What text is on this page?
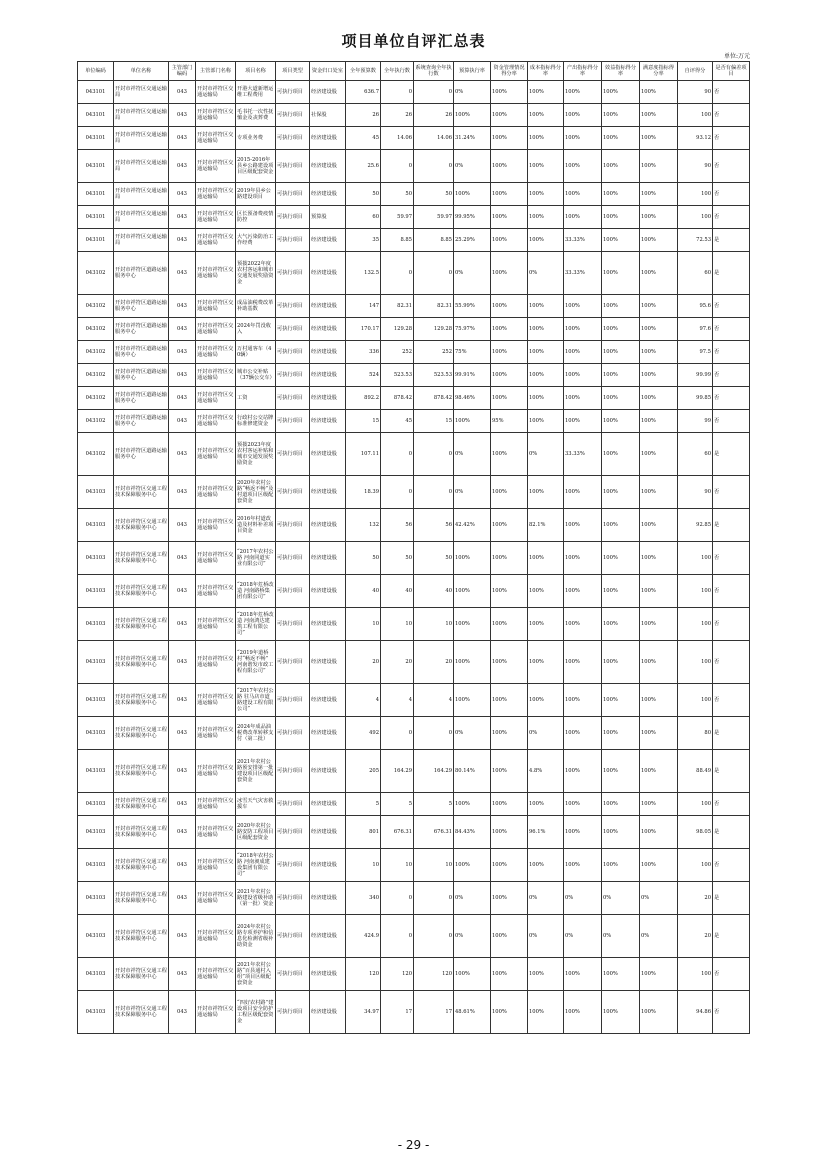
项目单位自评汇总表
单位:万元
单位编码	单位名称	主管部门编码	主管部门名称	项目名称	项目类型	资金归口处室	全年预算数	全年执行数	系统查询全年执行数	预算执行率	资金管理情况得分率	成本指标得分率	产出指标得分率	效益指标得分率	满意度指标得分率	自评得分	是否有偏差项目
043101	开封市祥符区交通运输局	043	开封市祥符区交通运输局	开港大道新增运维工程费用	可执行项目	经济建设股	636.7	0	0	0%	100%	100%	100%	100%	100%	90	否
043101	开封市祥符区交通运输局	043	开封市祥符区交通运输局	毛书托一次性抚恤金及丧葬费	可执行项目	社保股	26	26	26	100%	100%	100%	100%	100%	100%	100	否
043101	开封市祥符区交通运输局	043	开封市祥符区交通运输局	专项业务费	可执行项目	经济建设股	45	14.06	14.06	31.24%	100%	100%	100%	100%	100%	93.12	否
043101	开封市祥符区交通运输局	043	开封市祥符区交通运输局	2015-2016年县乡公路建设项目区级配套资金	可执行项目	经济建设股	25.6	0	0	0%	100%	100%	100%	100%	100%	90	否
043101	开封市祥符区交通运输局	043	开封市祥符区交通运输局	2019年县乡公路建设项目	可执行项目	经济建设股	50	50	50	100%	100%	100%	100%	100%	100%	100	否
043101	开封市祥符区交通运输局	043	开封市祥符区交通运输局	区长预备费疫情防控	可执行项目	预算股	60	59.97	59.97	99.95%	100%	100%	100%	100%	100%	100	否
043101	开封市祥符区交通运输局	043	开封市祥符区交通运输局	大气污染防治工作经费	可执行项目	经济建设股	35	8.85	8.85	25.29%	100%	100%	33.33%	100%	100%	72.53	是
043102	开封市祥符区道路运输服务中心	043	开封市祥符区交通运输局	预拨2022年度农村客运和城市交通发展奖励资金	可执行项目	经济建设股	132.5	0	0	0%	100%	0%	33.33%	100%	100%	60	是
043102	开封市祥符区道路运输服务中心	043	开封市祥符区交通运输局	成品油税费改革补助基数	可执行项目	经济建设股	147	82.31	82.31	55.99%	100%	100%	100%	100%	100%	95.6	否
043102	开封市祥符区道路运输服务中心	043	开封市祥符区交通运输局	2024年罚没收入	可执行项目	经济建设股	170.17	129.28	129.28	75.97%	100%	100%	100%	100%	100%	97.6	否
043102	开封市祥符区道路运输服务中心	043	开封市祥符区交通运输局	万村通客车（40辆）	可执行项目	经济建设股	336	252	252	75%	100%	100%	100%	100%	100%	97.5	否
043102	开封市祥符区道路运输服务中心	043	开封市祥符区交通运输局	城市公交补贴（37辆公交车）	可执行项目	经济建设股	524	523.53	523.53	99.91%	100%	100%	100%	100%	100%	99.99	否
043102	开封市祥符区道路运输服务中心	043	开封市祥符区交通运输局	工资	可执行项目	经济建设股	892.2	878.42	878.42	98.46%	100%	100%	100%	100%	100%	99.85	否
043102	开封市祥符区道路运输服务中心	043	开封市祥符区交通运输局	行政村公交站牌标准修建资金	可执行项目	经济建设股	15	45	15	100%	95%	100%	100%	100%	100%	99	否
043102	开封市祥符区道路运输服务中心	043	开封市祥符区交通运输局	预拨2023年度农村客运补贴和城市交通发展奖励资金	可执行项目	经济建设股	107.11	0	0	0%	100%	0%	33.33%	100%	100%	60	是
043103	开封市祥符区交通工程技术保障服务中心	043	开封市祥符区交通运输局	2020年农村公路“畅返不畅”及村道项目区级配套资金	可执行项目	经济建设股	18.39	0	0	0%	100%	100%	100%	100%	100%	90	否
043103	开封市祥符区交通工程技术保障服务中心	043	开封市祥符区交通运输局	2016年村道改造及材料补差项目资金	可执行项目	经济建设股	132	56	56	42.42%	100%	82.1%	100%	100%	100%	92.85	是
043103	开封市祥符区交通工程技术保障服务中心	043	开封市祥符区交通运输局	“2017年农村公路 河南同道实业有限公司”	可执行项目	经济建设股	50	50	50	100%	100%	100%	100%	100%	100%	100	否
043103	开封市祥符区交通工程技术保障服务中心	043	开封市祥符区交通运输局	“2018年危桥改造 河南路桥集团有限公司”	可执行项目	经济建设股	40	40	40	100%	100%	100%	100%	100%	100%	100	否
043103	开封市祥符区交通工程技术保障服务中心	043	开封市祥符区交通运输局	“2018年危桥改造 河南鸿达建筑工程有限公司”	可执行项目	经济建设股	10	10	10	100%	100%	100%	100%	100%	100%	100	否
043103	开封市祥符区交通工程技术保障服务中心	043	开封市祥符区交通运输局	“2019年道桥村“畅返不畅” 河南谐发市政工程有限公司”	可执行项目	经济建设股	20	20	20	100%	100%	100%	100%	100%	100%	100	否
043103	开封市祥符区交通工程技术保障服务中心	043	开封市祥符区交通运输局	“2017年农村公路 驻马店市道路建设工程有限公司”	可执行项目	经济建设股	4	4	4	100%	100%	100%	100%	100%	100%	100	否
043103	开封市祥符区交通工程技术保障服务中心	043	开封市祥符区交通运输局	2024年成品油税费改革转移支付（第二批）	可执行项目	经济建设股	492	0	0	0%	100%	0%	100%	100%	100%	80	是
043103	开封市祥符区交通工程技术保障服务中心	043	开封市祥符区交通运输局	2021年农村公路预安排第一批建设项目区级配套资金	可执行项目	经济建设股	205	164.29	164.29	80.14%	100%	4.8%	100%	100%	100%	88.49	是
043103	开封市祥符区交通工程技术保障服务中心	043	开封市祥符区交通运输局	冰雪天气灾害救援车	可执行项目	经济建设股	5	5	5	100%	100%	100%	100%	100%	100%	100	否
043103	开封市祥符区交通工程技术保障服务中心	043	开封市祥符区交通运输局	2020年农村公路安防工程项目区级配套资金	可执行项目	经济建设股	801	676.31	676.31	84.43%	100%	96.1%	100%	100%	100%	98.05	是
043103	开封市祥符区交通工程技术保障服务中心	043	开封市祥符区交通运输局	“2018年农村公路 河南昶成建设集团有限公司”	可执行项目	经济建设股	10	10	10	100%	100%	100%	100%	100%	100%	100	否
043103	开封市祥符区交通工程技术保障服务中心	043	开封市祥符区交通运输局	2021年农村公路建设省级补助（第一批）资金	可执行项目	经济建设股	340	0	0	0%	100%	0%	0%	0%	0%	20	是
043103	开封市祥符区交通工程技术保障服务中心	043	开封市祥符区交通运输局	2024年农村公路专项养护和信息化检测省级补助资金	可执行项目	经济建设股	424.9	0	0	0%	100%	0%	0%	0%	0%	20	是
043103	开封市祥符区交通工程技术保障服务中心	043	开封市祥符区交通运输局	2021年农村公路“百县通村入组”项目区级配套资金	可执行项目	经济建设股	120	120	120	100%	100%	100%	100%	100%	100%	100	否
043103	开封市祥符区交通工程技术保障服务中心	043	开封市祥符区交通运输局	“四好农村路”建设项目安全防护工程区级配套资金	可执行项目	经济建设股	34.97	17	17	48.61%	100%	100%	100%	100%	100%	94.86	否
- 29 -
